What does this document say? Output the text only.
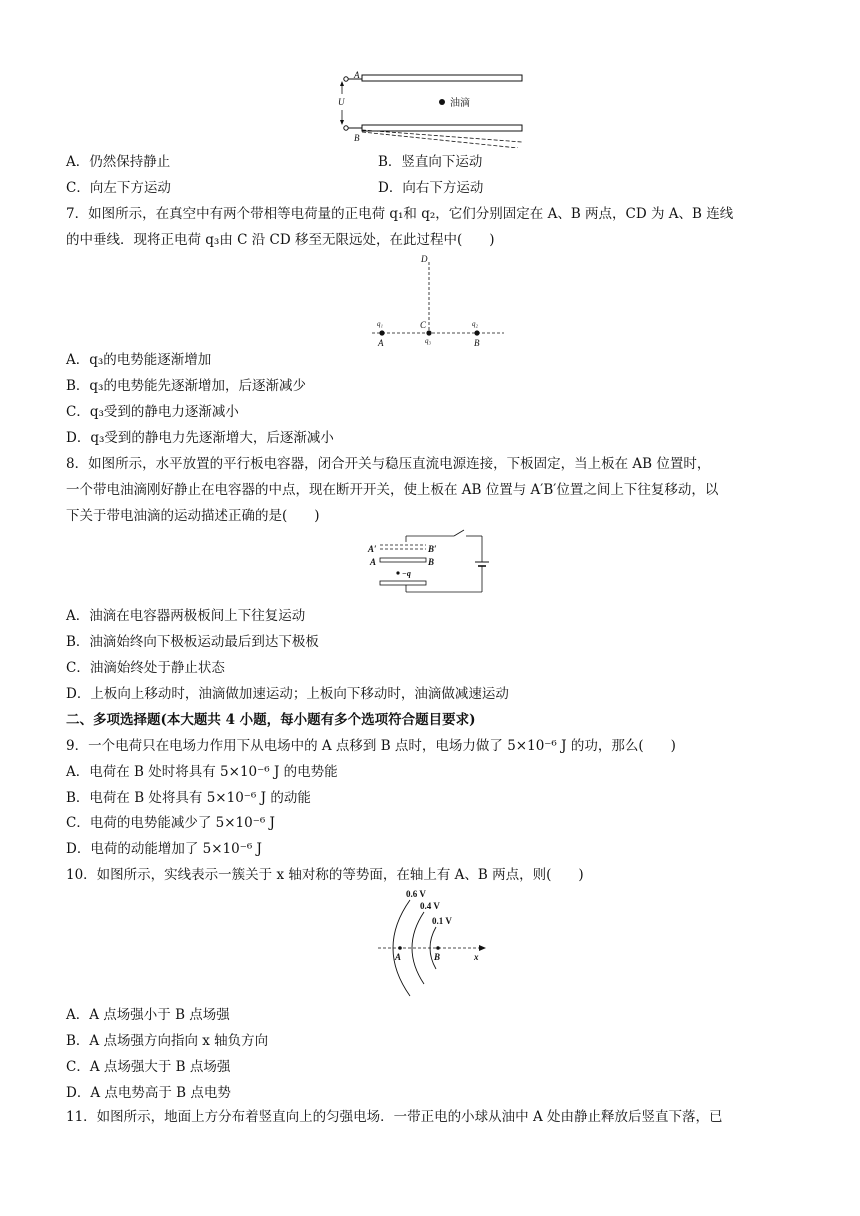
A
U	油滴
B
A．仍然保持静止	B．竖直向下运动
C．向左下方运动	D．向右下方运动
7．如图所示，在真空中有两个带相等电荷量的正电荷 q₁和 q₂，它们分别固定在 A、B 两点，CD 为 A、B 连线
的中垂线．现将正电荷 q₃由 C 沿 CD 移至无限远处，在此过程中(　　)
D
q₁	C	q₂
A	q₃	B
A．q₃的电势能逐渐增加
B．q₃的电势能先逐渐增加，后逐渐减少
C．q₃受到的静电力逐渐减小
D．q₃受到的静电力先逐渐增大，后逐渐减小
8．如图所示，水平放置的平行板电容器，闭合开关与稳压直流电源连接，下板固定，当上板在 AB 位置时，
一个带电油滴刚好静止在电容器的中点，现在断开开关，使上板在 AB 位置与 A′B′位置之间上下往复移动，以
下关于带电油滴的运动描述正确的是(　　)
A′	B′
A	B
−q
A．油滴在电容器两极板间上下往复运动
B．油滴始终向下极板运动最后到达下极板
C．油滴始终处于静止状态
D．上板向上移动时，油滴做加速运动；上板向下移动时，油滴做减速运动
二、多项选择题(本大题共 4 小题，每小题有多个选项符合题目要求)
9．一个电荷只在电场力作用下从电场中的 A 点移到 B 点时，电场力做了 5×10⁻⁶ J 的功，那么(　　)
A．电荷在 B 处时将具有 5×10⁻⁶ J 的电势能
B．电荷在 B 处将具有 5×10⁻⁶ J 的动能
C．电荷的电势能减少了 5×10⁻⁶ J
D．电荷的动能增加了 5×10⁻⁶ J
10．如图所示，实线表示一簇关于 x 轴对称的等势面，在轴上有 A、B 两点，则(　　)
0.6 V
0.4 V
0.1 V
A	B	x
A．A 点场强小于 B 点场强
B．A 点场强方向指向 x 轴负方向
C．A 点场强大于 B 点场强
D．A 点电势高于 B 点电势
11．如图所示，地面上方分布着竖直向上的匀强电场．一带正电的小球从油中 A 处由静止释放后竖直下落，已
